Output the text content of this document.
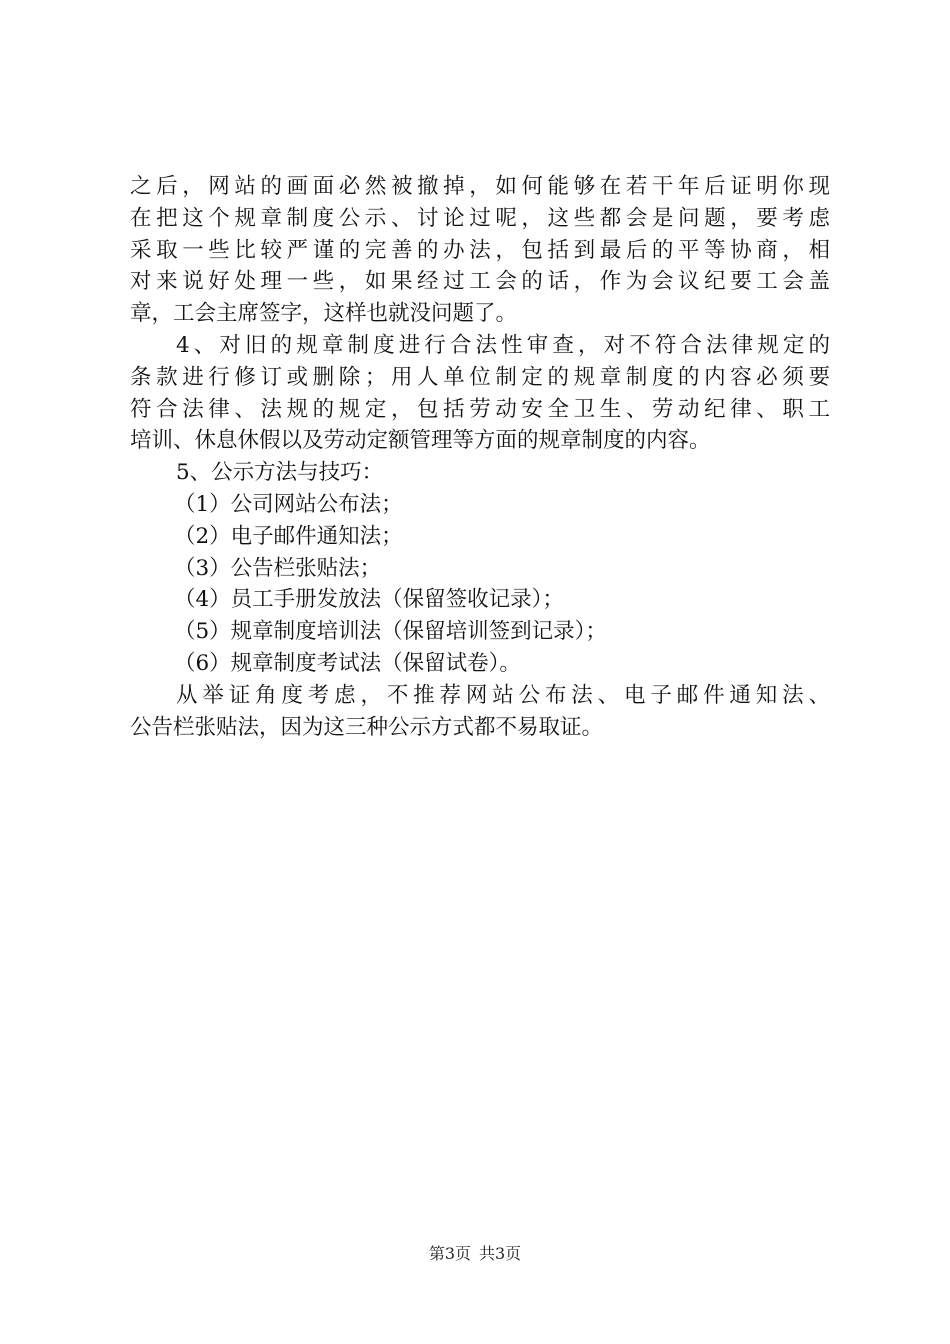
之后，网站的画面必然被撤掉，如何能够在若干年后证明你现
在把这个规章制度公示、讨论过呢，这些都会是问题，要考虑
采取一些比较严谨的完善的办法，包括到最后的平等协商，相
对来说好处理一些，如果经过工会的话，作为会议纪要工会盖
章，工会主席签字，这样也就没问题了。
4、对旧的规章制度进行合法性审查，对不符合法律规定的
条款进行修订或删除；用人单位制定的规章制度的内容必须要
符合法律、法规的规定，包括劳动安全卫生、劳动纪律、职工
培训、休息休假以及劳动定额管理等方面的规章制度的内容。
5、公示方法与技巧：
（1）公司网站公布法；
（2）电子邮件通知法；
（3）公告栏张贴法；
（4）员工手册发放法（保留签收记录）；
（5）规章制度培训法（保留培训签到记录）；
（6）规章制度考试法（保留试卷）。
从举证角度考虑，不推荐网站公布法、电子邮件通知法、
公告栏张贴法，因为这三种公示方式都不易取证。
第3页 共3页
